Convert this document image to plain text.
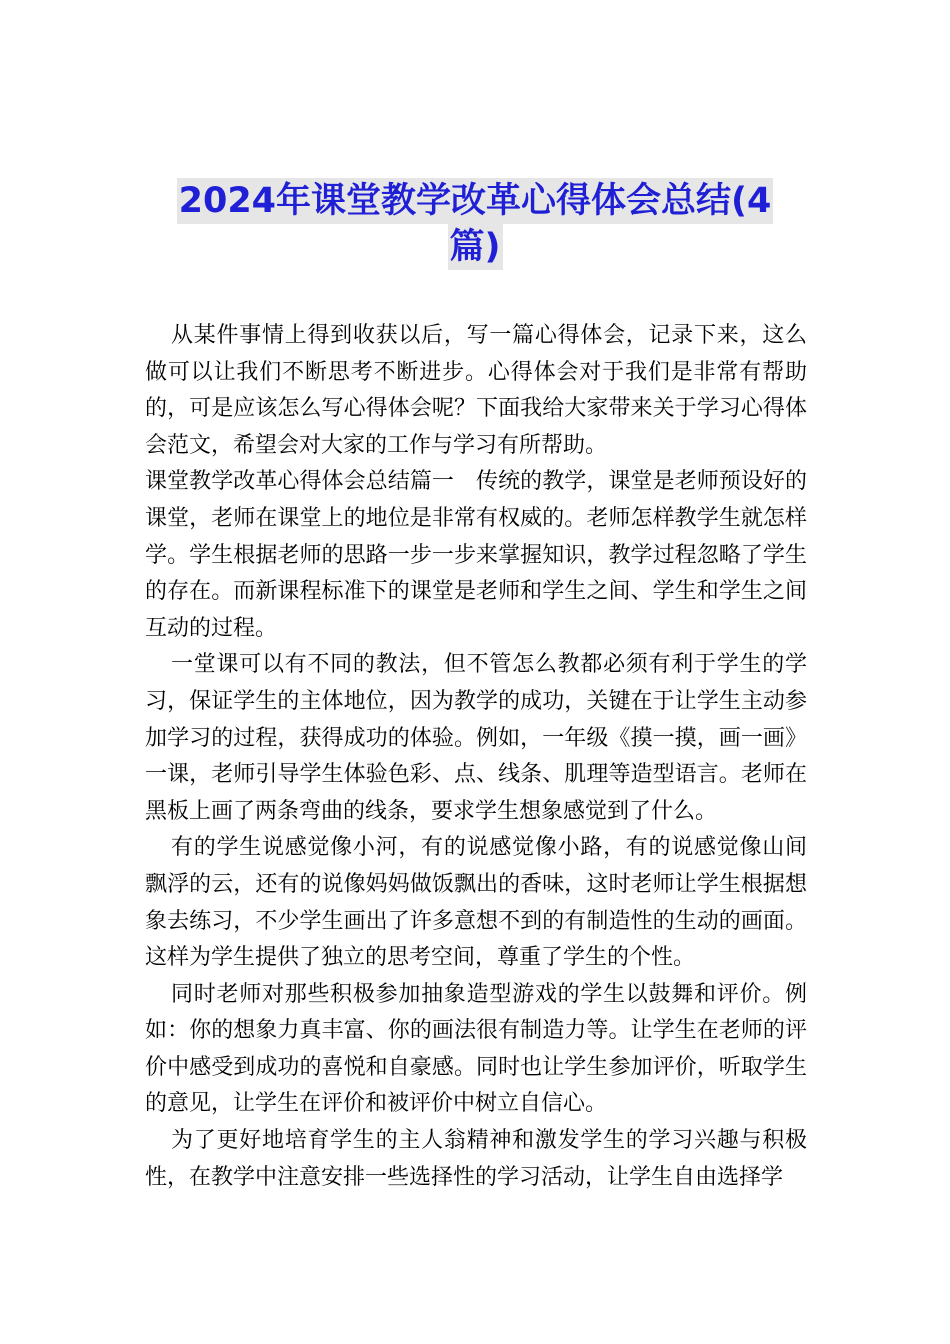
2024年课堂教学改革心得体会总结(4
篇)

从某件事情上得到收获以后，写一篇心得体会，记录下来，这么做可以让我们不断思考不断进步。心得体会对于我们是非常有帮助的，可是应该怎么写心得体会呢？下面我给大家带来关于学习心得体会范文，希望会对大家的工作与学习有所帮助。

课堂教学改革心得体会总结篇一　传统的教学，课堂是老师预设好的课堂，老师在课堂上的地位是非常有权威的。老师怎样教学生就怎样学。学生根据老师的思路一步一步来掌握知识，教学过程忽略了学生的存在。而新课程标准下的课堂是老师和学生之间、学生和学生之间互动的过程。

一堂课可以有不同的教法，但不管怎么教都必须有利于学生的学习，保证学生的主体地位，因为教学的成功，关键在于让学生主动参加学习的过程，获得成功的体验。例如，一年级《摸一摸，画一画》一课，老师引导学生体验色彩、点、线条、肌理等造型语言。老师在黑板上画了两条弯曲的线条，要求学生想象感觉到了什么。

有的学生说感觉像小河，有的说感觉像小路，有的说感觉像山间飘浮的云，还有的说像妈妈做饭飘出的香味，这时老师让学生根据想象去练习，不少学生画出了许多意想不到的有制造性的生动的画面。这样为学生提供了独立的思考空间，尊重了学生的个性。

同时老师对那些积极参加抽象造型游戏的学生以鼓舞和评价。例如：你的想象力真丰富、你的画法很有制造力等。让学生在老师的评价中感受到成功的喜悦和自豪感。同时也让学生参加评价，听取学生的意见，让学生在评价和被评价中树立自信心。

为了更好地培育学生的主人翁精神和激发学生的学习兴趣与积极性，在教学中注意安排一些选择性的学习活动，让学生自由选择学
